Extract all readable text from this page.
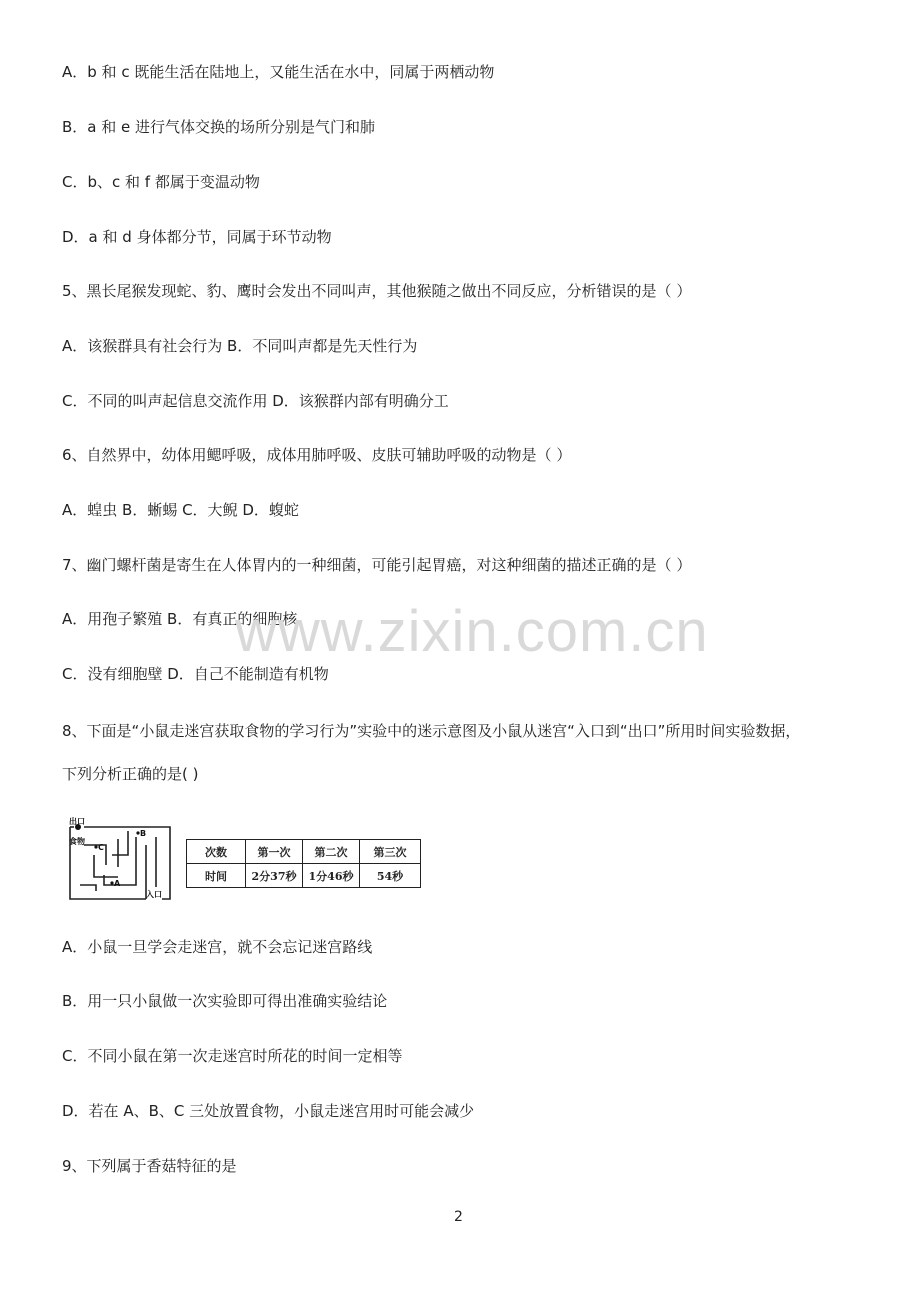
A．b 和 c 既能生活在陆地上，又能生活在水中，同属于两栖动物
B．a 和 e 进行气体交换的场所分别是气门和肺
C．b、c 和 f 都属于变温动物
D．a 和 d 身体都分节，同属于环节动物
5、黑长尾猴发现蛇、豹、鹰时会发出不同叫声，其他猴随之做出不同反应，分析错误的是（ ）
A．该猴群具有社会行为 B．不同叫声都是先天性行为
C．不同的叫声起信息交流作用 D．该猴群内部有明确分工
6、自然界中，幼体用鳃呼吸，成体用肺呼吸、皮肤可辅助呼吸的动物是（ ）
A．蝗虫 B．蜥蜴 C．大鲵 D．蝮蛇
7、幽门螺杆菌是寄生在人体胃内的一种细菌，可能引起胃癌，对这种细菌的描述正确的是（ ）
A．用孢子繁殖 B．有真正的细胞核
C．没有细胞壁 D．自己不能制造有机物
8、下面是“小鼠走迷宫获取食物的学习行为”实验中的迷示意图及小鼠从迷宫“入口到“出口”所用时间实验数据，
下列分析正确的是( )
www.zixin.com.cn
出口
食物
入口
A
B
C	次数	第一次	第二次	第三次
时间	2分37秒	1分46秒	54秒
A．小鼠一旦学会走迷宫，就不会忘记迷宫路线
B．用一只小鼠做一次实验即可得出准确实验结论
C．不同小鼠在第一次走迷宫时所花的时间一定相等
D．若在 A、B、C 三处放置食物，小鼠走迷宫用时可能会减少
9、下列属于香菇特征的是
2
